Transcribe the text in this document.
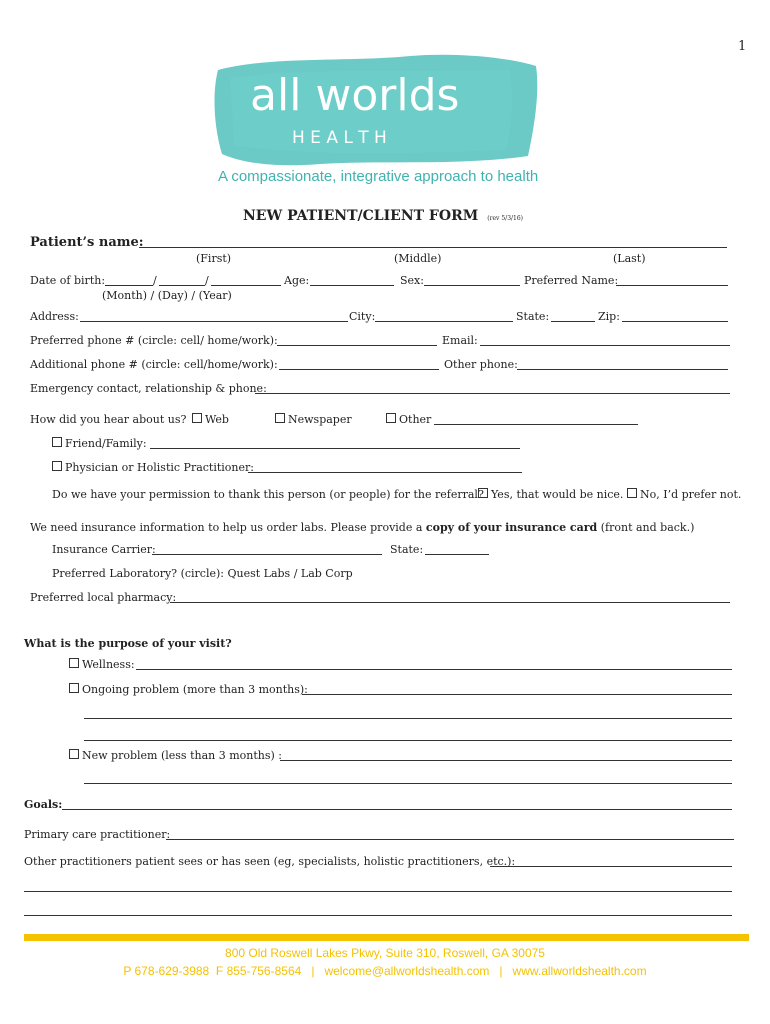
1
all worlds
H E A L T H
A compassionate, integrative approach to health
NEW PATIENT/CLIENT FORM (rev 5/3/16)
Patient’s name:
(First)	(Middle)	(Last)
Date of birth:	/	/	Age:	Sex:	Preferred Name:
(Month) / (Day) / (Year)
Address:	City:	State:	Zip:
Preferred phone # (circle: cell/ home/work):	Email:
Additional phone # (circle: cell/home/work):	Other phone:
Emergency contact, relationship & phone:
How did you hear about us?	Web	Newspaper	Other
Friend/Family:
Physician or Holistic Practitioner:
Do we have your permission to thank this person (or people) for the referral? Yes, that would be nice.	No, I’d prefer not.
We need insurance information to help us order labs. Please provide a copy of your insurance card (front and back.)
Insurance Carrier:	State:
Preferred Laboratory? (circle): Quest Labs / Lab Corp
Preferred local pharmacy:
What is the purpose of your visit?
Wellness:
Ongoing problem (more than 3 months):
New problem (less than 3 months) :
Goals:
Primary care practitioner:
Other practitioners patient sees or has seen (eg, specialists, holistic practitioners, etc.):
800 Old Roswell Lakes Pkwy, Suite 310, Roswell, GA 30075
P 678-629-3988 F 855-756-8564 | welcome@allworldshealth.com | www.allworldshealth.com
